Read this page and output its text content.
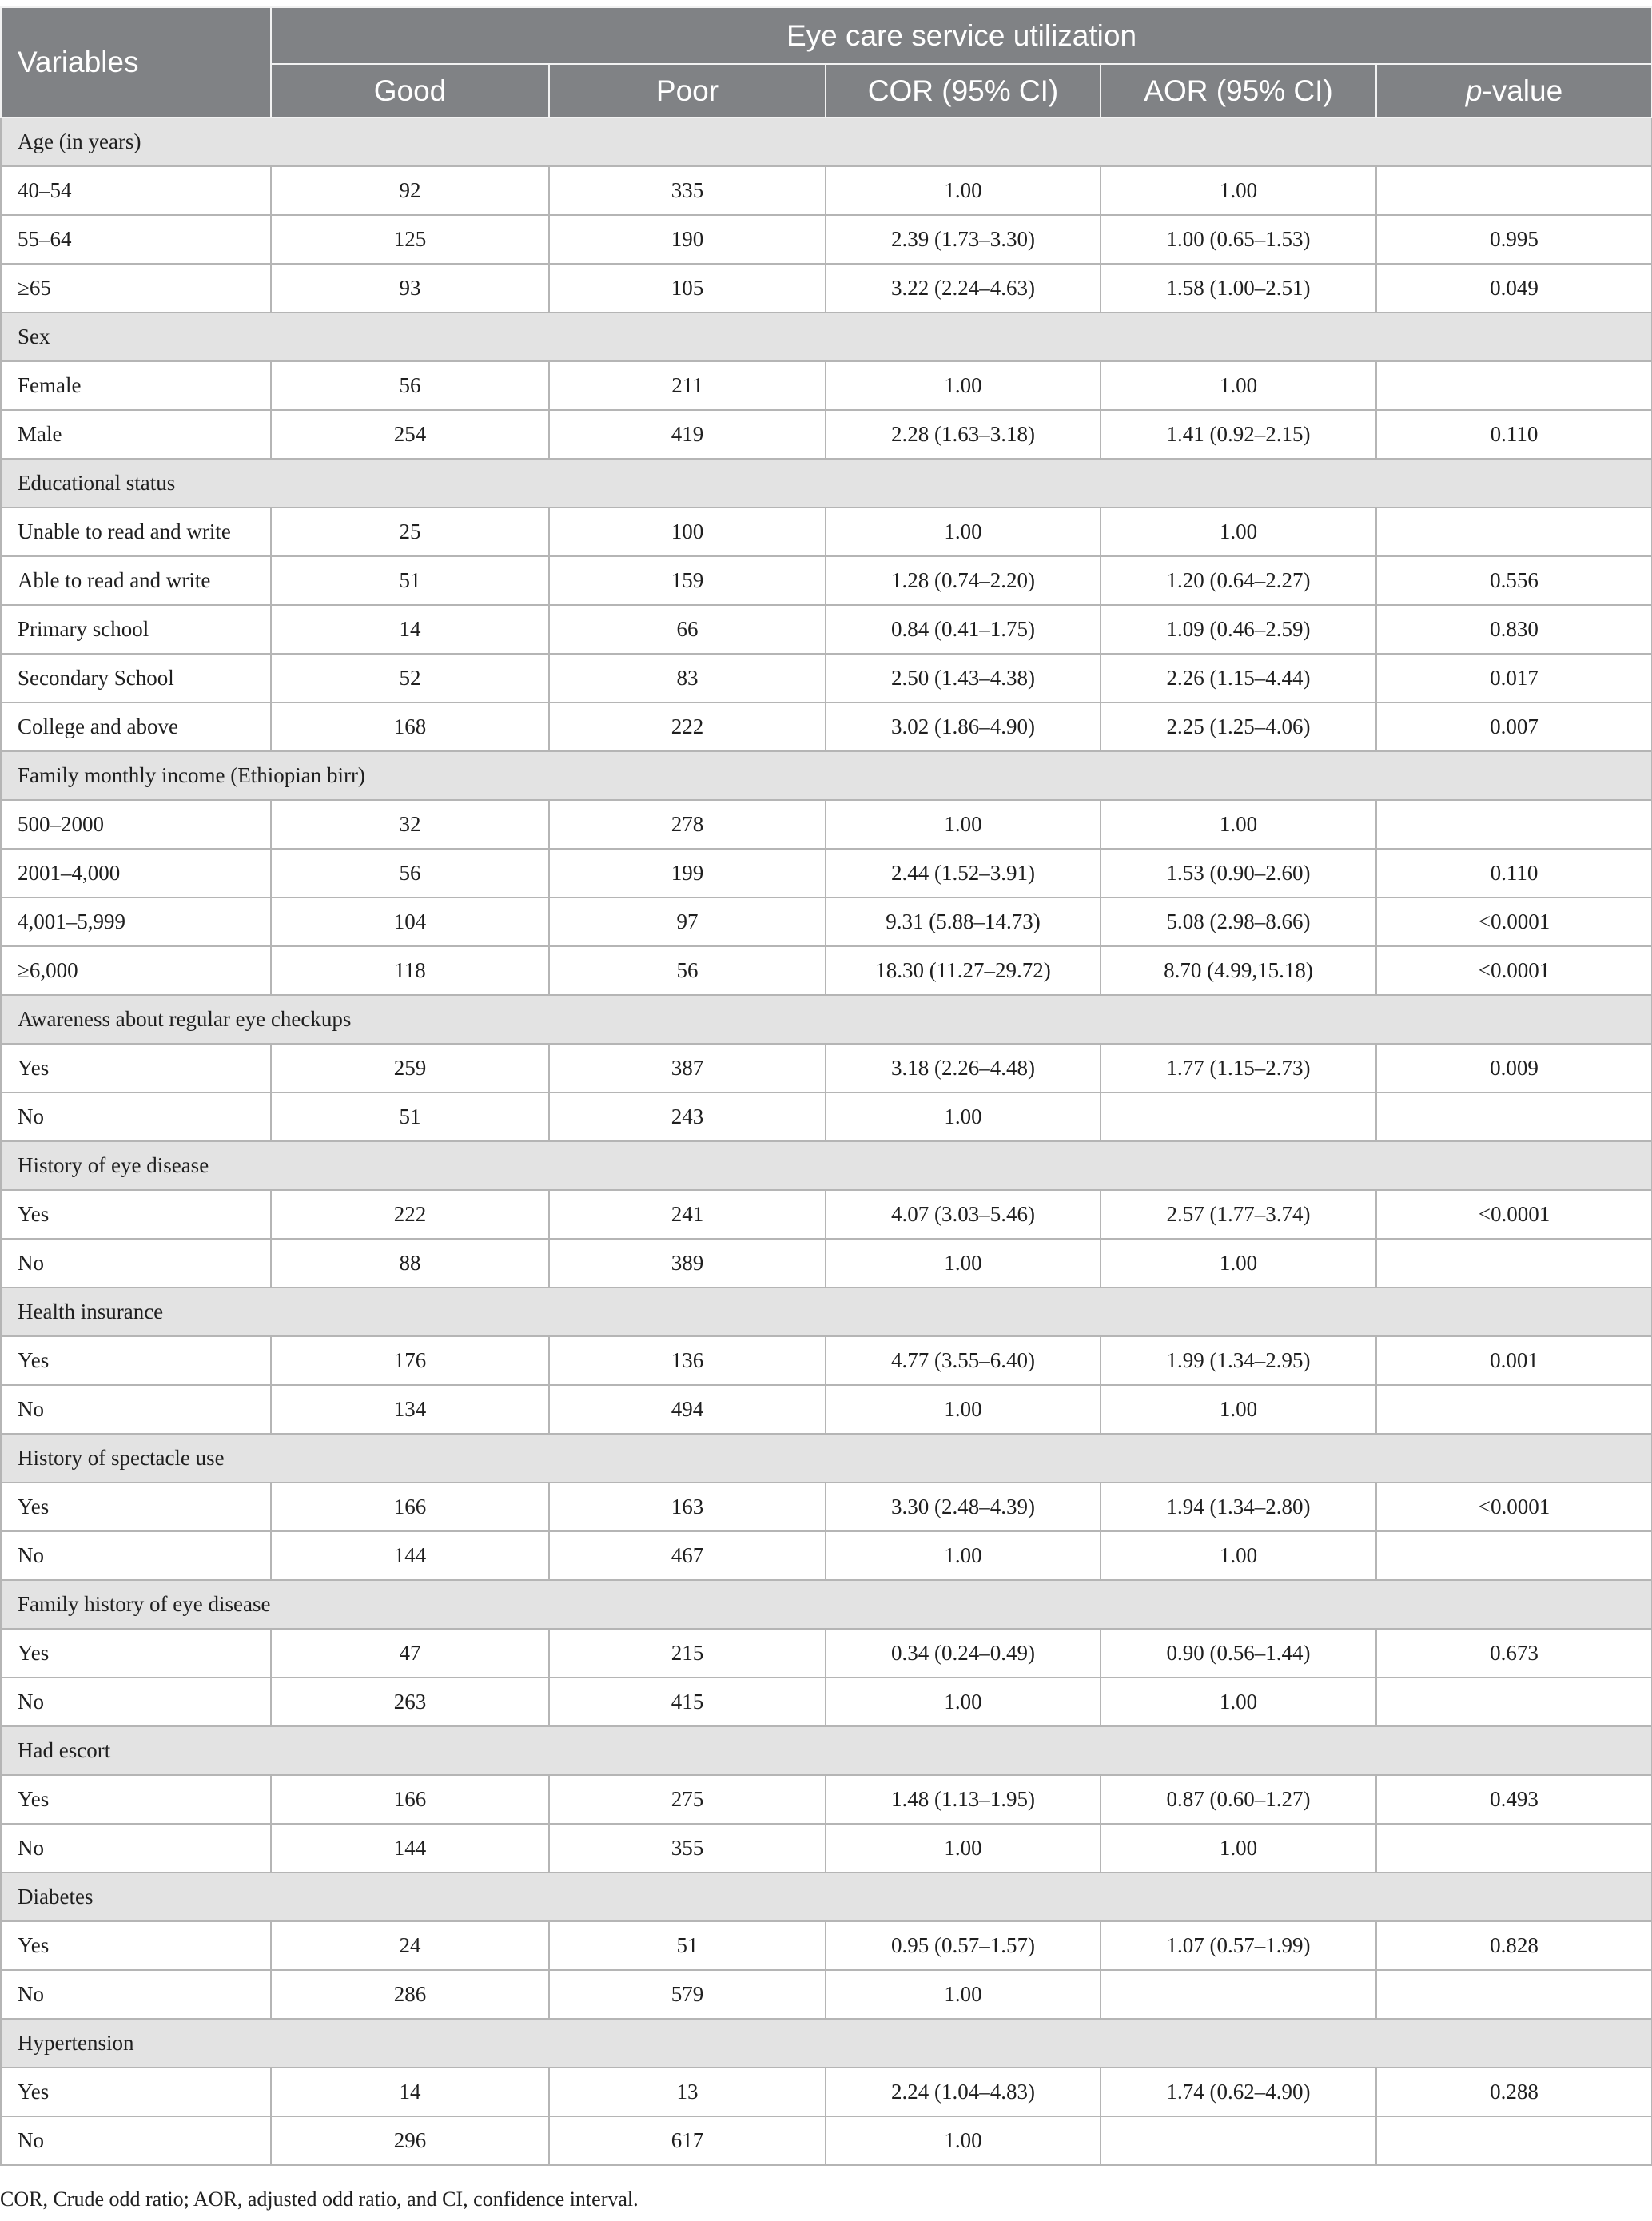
Variables	Eye care service utilization				
	Good	Poor	COR (95% CI)	AOR (95% CI)	p-value
Age (in years)					
40–54	92	335	1.00	1.00	
55–64	125	190	2.39 (1.73–3.30)	1.00 (0.65–1.53)	0.995
≥65	93	105	3.22 (2.24–4.63)	1.58 (1.00–2.51)	0.049
Sex					
Female	56	211	1.00	1.00	
Male	254	419	2.28 (1.63–3.18)	1.41 (0.92–2.15)	0.110
Educational status					
Unable to read and write	25	100	1.00	1.00	
Able to read and write	51	159	1.28 (0.74–2.20)	1.20 (0.64–2.27)	0.556
Primary school	14	66	0.84 (0.41–1.75)	1.09 (0.46–2.59)	0.830
Secondary School	52	83	2.50 (1.43–4.38)	2.26 (1.15–4.44)	0.017
College and above	168	222	3.02 (1.86–4.90)	2.25 (1.25–4.06)	0.007
Family monthly income (Ethiopian birr)					
500–2000	32	278	1.00	1.00	
2001–4,000	56	199	2.44 (1.52–3.91)	1.53 (0.90–2.60)	0.110
4,001–5,999	104	97	9.31 (5.88–14.73)	5.08 (2.98–8.66)	<0.0001
≥6,000	118	56	18.30 (11.27–29.72)	8.70 (4.99,15.18)	<0.0001
Awareness about regular eye checkups					
Yes	259	387	3.18 (2.26–4.48)	1.77 (1.15–2.73)	0.009
No	51	243	1.00		
History of eye disease					
Yes	222	241	4.07 (3.03–5.46)	2.57 (1.77–3.74)	<0.0001
No	88	389	1.00	1.00	
Health insurance					
Yes	176	136	4.77 (3.55–6.40)	1.99 (1.34–2.95)	0.001
No	134	494	1.00	1.00	
History of spectacle use					
Yes	166	163	3.30 (2.48–4.39)	1.94 (1.34–2.80)	<0.0001
No	144	467	1.00	1.00	
Family history of eye disease					
Yes	47	215	0.34 (0.24–0.49)	0.90 (0.56–1.44)	0.673
No	263	415	1.00	1.00	
Had escort					
Yes	166	275	1.48 (1.13–1.95)	0.87 (0.60–1.27)	0.493
No	144	355	1.00	1.00	
Diabetes					
Yes	24	51	0.95 (0.57–1.57)	1.07 (0.57–1.99)	0.828
No	286	579	1.00		
Hypertension					
Yes	14	13	2.24 (1.04–4.83)	1.74 (0.62–4.90)	0.288
No	296	617	1.00		
COR, Crude odd ratio; AOR, adjusted odd ratio, and CI, confidence interval.
